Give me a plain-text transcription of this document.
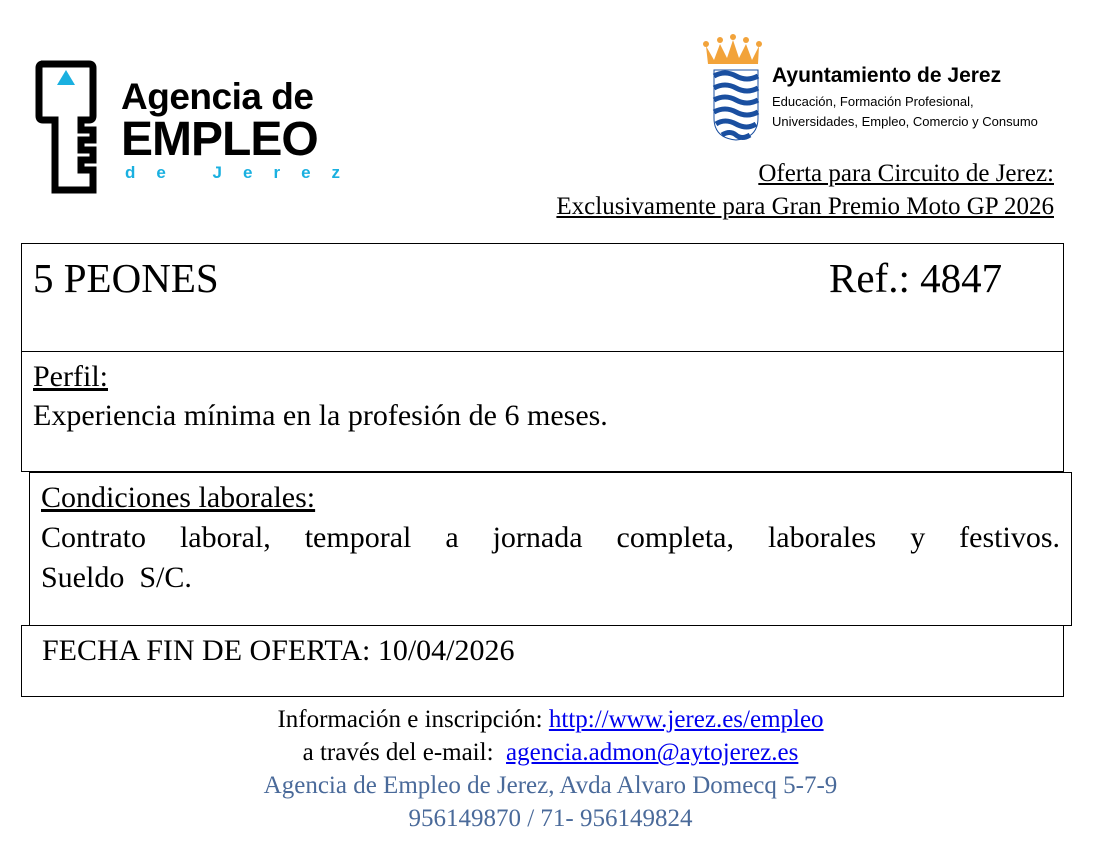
Agencia de
EMPLEO
de Jerez
Ayuntamiento de Jerez
Educación, Formación Profesional,
Universidades, Empleo, Comercio y Consumo
Oferta para Circuito de Jerez:
Exclusivamente para Gran Premio Moto GP 2026
5 PEONES	Ref.: 4847
Perfil:
Experiencia mínima en la profesión de 6 meses.
Condiciones laborales:
Contrato laboral, temporal a jornada completa, laborales y festivos.
Sueldo  S/C.
FECHA FIN DE OFERTA: 10/04/2026
Información e inscripción: http://www.jerez.es/empleo
a través del e-mail:  agencia.admon@aytojerez.es
Agencia de Empleo de Jerez, Avda Alvaro Domecq 5-7-9
956149870 / 71- 956149824
